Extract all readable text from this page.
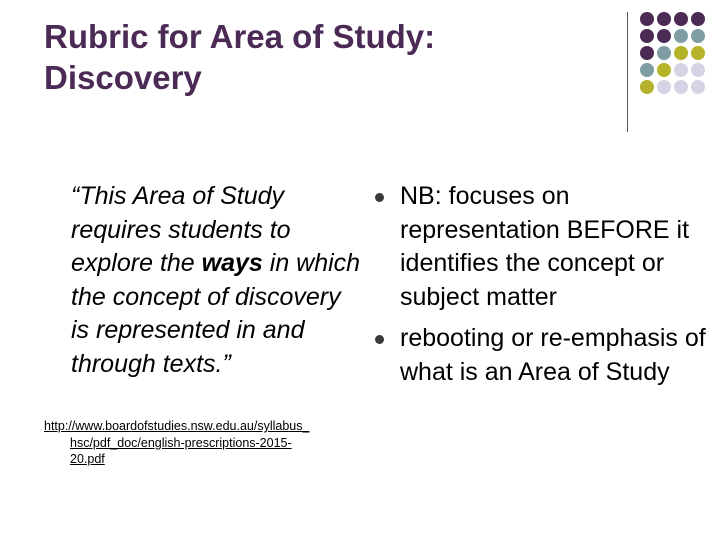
Rubric for Area of Study:
Discovery
“This Area of Study requires students to explore the ways in which the concept of discovery is represented in and through texts.”
http://www.boardofstudies.nsw.edu.au/syllabus_
hsc/pdf_doc/english-prescriptions-2015-
20.pdf
NB: focuses on representation BEFORE it identifies the concept or subject matter
rebooting or re-emphasis of what is an Area of Study
